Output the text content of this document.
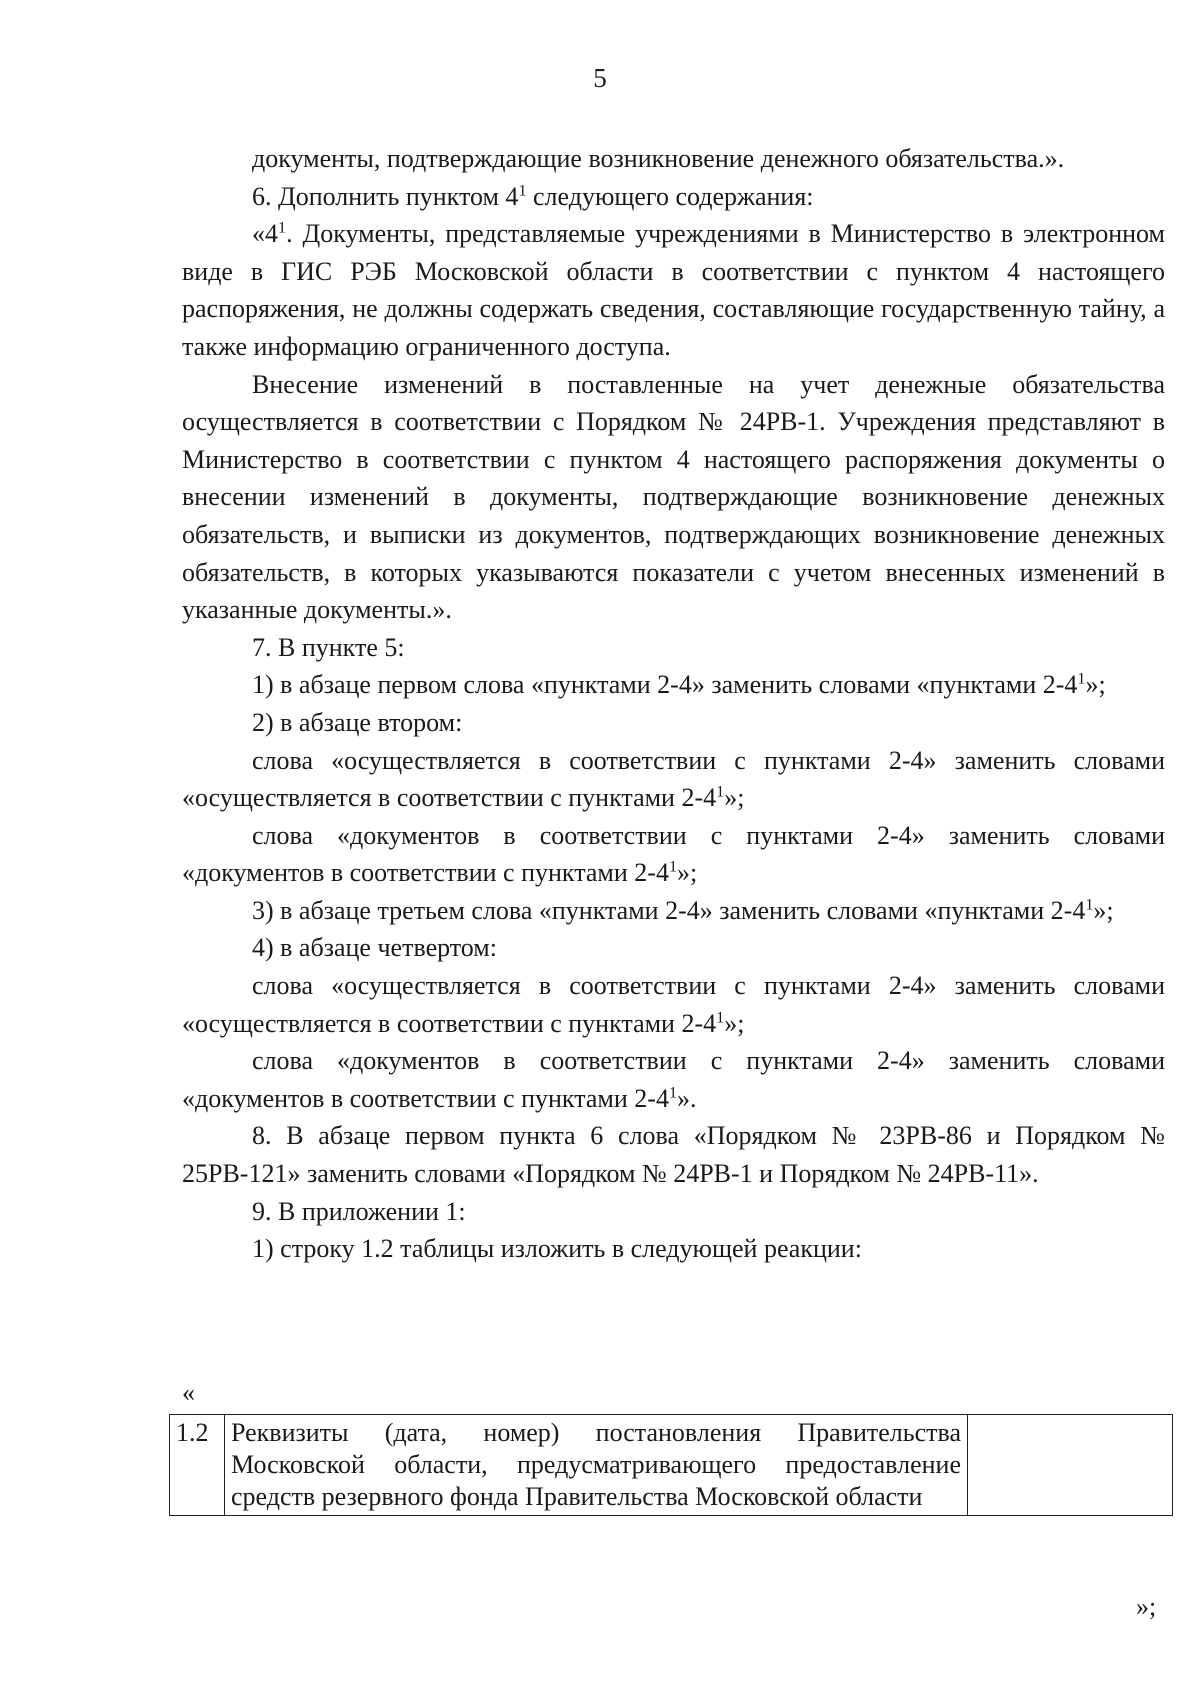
5

документы, подтверждающие возникновение денежного обязательства.».

6. Дополнить пунктом $4^1$ следующего содержания:

«$4^1$. Документы, представляемые учреждениями в Министерство в электронном виде в ГИС РЭБ Московской области в соответствии с пунктом 4 настоящего распоряжения, не должны содержать сведения, составляющие государственную тайну, а также информацию ограниченного доступа.

Внесение изменений в поставленные на учет денежные обязательства осуществляется в соответствии с Порядком № 24РВ-1. Учреждения представляют в Министерство в соответствии с пунктом 4 настоящего распоряжения документы о внесении изменений в документы, подтверждающие возникновение денежных обязательств, и выписки из документов, подтверждающих возникновение денежных обязательств, в которых указываются показатели с учетом внесенных изменений в указанные документы.».

7. В пункте 5:

1) в абзаце первом слова «пунктами 2-4» заменить словами «пунктами $2-4^1$»;

2) в абзаце втором:

слова «осуществляется в соответствии с пунктами 2-4» заменить словами «осуществляется в соответствии с пунктами $2-4^1$»;

слова «документов в соответствии с пунктами 2-4» заменить словами «документов в соответствии с пунктами $2-4^1$»;

3) в абзаце третьем слова «пунктами 2-4» заменить словами «пунктами $2-4^1$»;

4) в абзаце четвертом:

слова «осуществляется в соответствии с пунктами 2-4» заменить словами «осуществляется в соответствии с пунктами $2-4^1$»;

слова «документов в соответствии с пунктами 2-4» заменить словами «документов в соответствии с пунктами $2-4^1$».

8. В абзаце первом пункта 6 слова «Порядком № 23РВ-86 и Порядком № 25РВ-121» заменить словами «Порядком № 24РВ-1 и Порядком № 24РВ-11».

9. В приложении 1:

1) строку 1.2 таблицы изложить в следующей реакции:

«
1.2	Реквизиты (дата, номер) постановления Правительства Московской области, предусматривающего предоставление средств резервного фонда Правительства Московской области	
»;
